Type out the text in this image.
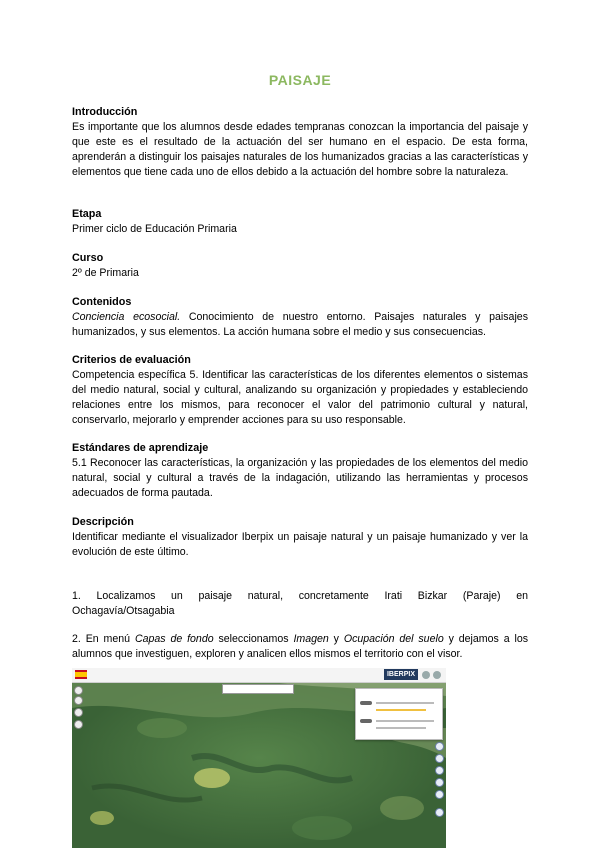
PAISAJE
Introducción
Es importante que los alumnos desde edades tempranas conozcan la importancia del paisaje y que este es el resultado de la actuación del ser humano en el espacio. De esta forma, aprenderán a distinguir los paisajes naturales de los humanizados gracias a las características y elementos que tiene cada uno de ellos debido a la actuación del hombre sobre la naturaleza.
Etapa
Primer ciclo de Educación Primaria
Curso
2º de Primaria
Contenidos
Conciencia ecosocial. Conocimiento de nuestro entorno. Paisajes naturales y paisajes humanizados, y sus elementos. La acción humana sobre el medio y sus consecuencias.
Criterios de evaluación
Competencia específica 5. Identificar las características de los diferentes elementos o sistemas del medio natural, social y cultural, analizando su organización y propiedades y estableciendo relaciones entre los mismos, para reconocer el valor del patrimonio cultural y natural, conservarlo, mejorarlo y emprender acciones para su uso responsable.
Estándares de aprendizaje
5.1 Reconocer las características, la organización y las propiedades de los elementos del medio natural, social y cultural a través de la indagación, utilizando las herramientas y procesos adecuados de forma pautada.
Descripción
Identificar mediante el visualizador Iberpix un paisaje natural y un paisaje humanizado y ver la evolución de este último.
1. Localizamos un paisaje natural, concretamente Irati Bizkar (Paraje) en
Ochagavía/Otsagabia
2. En menú Capas de fondo seleccionamos Imagen y Ocupación del suelo y dejamos a los alumnos que investiguen, exploren y analicen ellos mismos el territorio con el visor.
IBERPIX
